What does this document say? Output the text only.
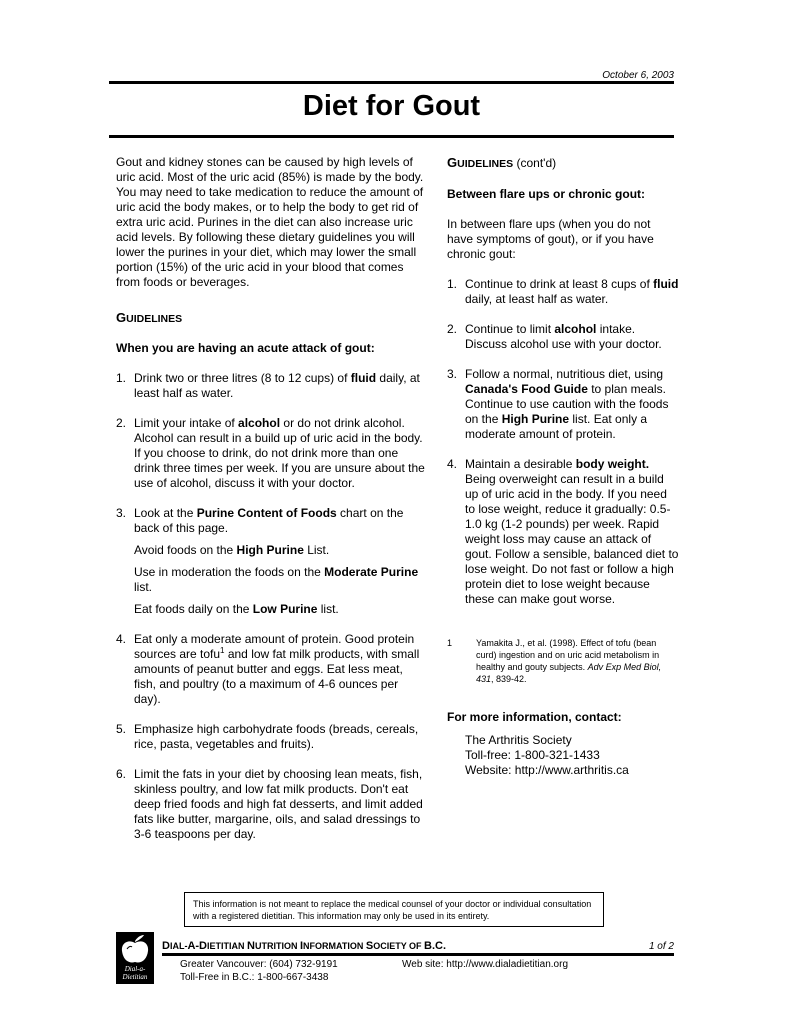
October 6, 2003
Diet for Gout

Gout and kidney stones can be caused by high levels of uric acid. Most of the uric acid (85%) is made by the body. You may need to take medication to reduce the amount of uric acid the body makes, or to help the body to get rid of extra uric acid. Purines in the diet can also increase uric acid levels. By following these dietary guidelines you will lower the purines in your diet, which may lower the small portion (15%) of the uric acid in your blood that comes from foods or beverages.

GUIDELINES

When you are having an acute attack of gout:

1. Drink two or three litres (8 to 12 cups) of fluid daily, at least half as water.
2. Limit your intake of alcohol or do not drink alcohol. Alcohol can result in a build up of uric acid in the body. If you choose to drink, do not drink more than one drink three times per week. If you are unsure about the use of alcohol, discuss it with your doctor.
3. Look at the Purine Content of Foods chart on the back of this page.

Avoid foods on the High Purine List.

Use in moderation the foods on the Moderate Purine list.

Eat foods daily on the Low Purine list.

4. Eat only a moderate amount of protein. Good protein sources are tofu$^1$ and low fat milk products, with small amounts of peanut butter and eggs. Eat less meat, fish, and poultry (to a maximum of 4-6 ounces per day).
5. Emphasize high carbohydrate foods (breads, cereals, rice, pasta, vegetables and fruits).
6. Limit the fats in your diet by choosing lean meats, fish, skinless poultry, and low fat milk products. Don't eat deep fried foods and high fat desserts, and limit added fats like butter, margarine, oils, and salad dressings to 3-6 teaspoons per day.

GUIDELINES (cont'd)

Between flare ups or chronic gout:

In between flare ups (when you do not have symptoms of gout), or if you have chronic gout:

1. Continue to drink at least 8 cups of fluid daily, at least half as water.
2. Continue to limit alcohol intake. Discuss alcohol use with your doctor.
3. Follow a normal, nutritious diet, using Canada's Food Guide to plan meals. Continue to use caution with the foods on the High Purine list. Eat only a moderate amount of protein.
4. Maintain a desirable body weight. Being overweight can result in a build up of uric acid in the body. If you need to lose weight, reduce it gradually: 0.5-1.0 kg (1-2 pounds) per week. Rapid weight loss may cause an attack of gout. Follow a sensible, balanced diet to lose weight. Do not fast or follow a high protein diet to lose weight because these can make gout worse.
1	Yamakita J., et al. (1998). Effect of tofu (bean curd) ingestion and on uric acid metabolism in healthy and gouty subjects. Adv Exp Med Biol, 431, 839-42.

For more information, contact:

The Arthritis Society

Toll-free: 1-800-321-1433

Website: http://www.arthritis.ca

This information is not meant to replace the medical counsel of your doctor or individual consultation with a registered dietitian. This information may only be used in its entirety.
Dial-a-
Dietitian
DIAL-A-DIETITIAN NUTRITION INFORMATION SOCIETY OF B.C.	1 of 2
Greater Vancouver: (604) 732-9191
Toll-Free in B.C.: 1-800-667-3438
Web site: http://www.dialadietitian.org
